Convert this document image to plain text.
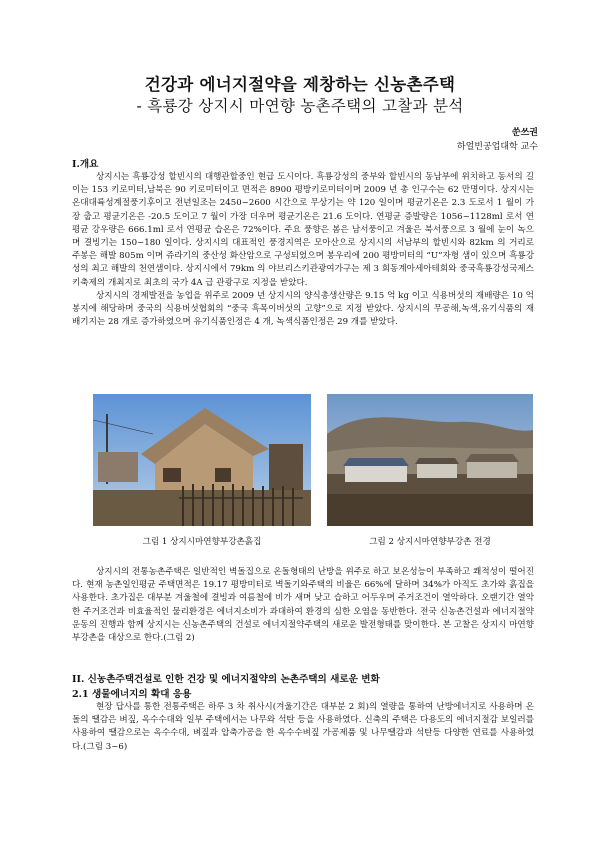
건강과 에너지절약을 제창하는 신농촌주택
- 흑룡강 상지시 마연향 농촌주택의 고찰과 분석
쑨쓰권
하얼빈공업대학 교수
I.개요

상지시는 흑룡강성 할빈시의 대행관할중인 현급 도시이다. 흑룡강성의 중부와 할빈시의 동남부에 위치하고 동서의 길이는 153 키로미터,남북은 90 키로미터이고 면적은 8900 평방키로미터이며 2009 년 총 인구수는 62 만명이다. 상지시는 온대대륙성계절풍기후이고 전년일조는 2450~2600 시간으로 무상기는 약 120 일이며 평균기온은 2.3 도로서 1 월이 가장 춥고 평균기온은 -20.5 도이고 7 월이 가장 더우며 평균기온은 21.6 도이다. 연평균 증발량은 1056~1128ml 로서 연평균 강우량은 666.1ml 로서 연평균 습온은 72%이다. 주요 풍향은 봄은 남서풍이고 겨울은 북서풍으로 3 월에 눈이 녹으며 결빙기는 150~180 일이다. 상지시의 대표적인 풍경지역은 모아산으로 상지시의 서남부의 할빈시와 82km 의 거리로 주봉은 해발 805m 이며 쥬라기의 중산성 화산암으로 구성되었으며 봉우리에 200 평방미터의 “U”자형 샘이 있으며 흑룡강성의 최고 해발의 천연샘이다. 상지시에서 79km 의 야브리스키관광여가구는 제 3 회동계아세아테회와 중국흑룡강성국제스키축제의 개최지로 최초의 국가 4A 급 관광구로 지정을 받았다.

상지시의 경제발전을 농업을 위주로 2009 년 상지시의 양식총생산량은 9.15 억 kg 이고 식용버섯의 재배량은 10 억봉지에 해당하며 중국의 식용버섯협회의 “중국 흑목이버섯의 고향”으로 지정 받았다. 상지시의 무공해,녹색,유기식품의 재배기지는 28 개로 증가하였으며 유기식품인정은 4 개, 녹색식품인정은 29 개를 받았다.

그림 1 상지시마연향부강촌흙집	그림 2 상지시마연향부강촌 전경

상지시의 전통농촌주택은 일반적인 벽돌집으로 온돌형태의 난방을 위주로 하고 보온성능이 부족하고 쾌적성이 떨어진다. 현재 농촌일인평균 주택면적은 19.17 평방미터로 벽돌기와주택의 비율은 66%에 달하며 34%가 아직도 초가와 흙집을 사용한다. 초가집은 대부분 겨울철에 결빙과 여름철에 비가 새며 낮고 습하고 어두우며 주거조건이 열악하다. 오랜기간 열악한 주거조건과 비효율적인 물리환경은 에너지소비가 과대하여 환경의 심한 오염을 동반한다. 전국 신농촌건설과 에너지절약운동의 진행과 함께 상지시는 신농촌주택의 건설로 에너지절약주택의 새로운 발전형태를 맞이한다. 본 고찰은 상지시 마연향 부강촌을 대상으로 한다.(그림 2)

II. 신농촌주택건설로 인한 건강 및 에너지절약의 논촌주택의 새로운 변화
2.1 생물에너지의 확대 응용

현장 답사를 통한 전통주택은 하루 3 차 취사시(겨울기간은 대부분 2 회)의 열량을 통하여 난방에너지로 사용하며 온돌의 땔감은 벼짚, 옥수수대와 일부 주택에서는 나무와 석탄 등을 사용하였다. 신축의 주택은 다용도의 에너지절감 보일러를 사용하여 땔감으로는 옥수수대, 벼짚과 압축가공을 한 옥수수벼짚 가공제품 및 나무땔감과 석탄등 다양한 연료를 사용하였다.(그림 3~6)
